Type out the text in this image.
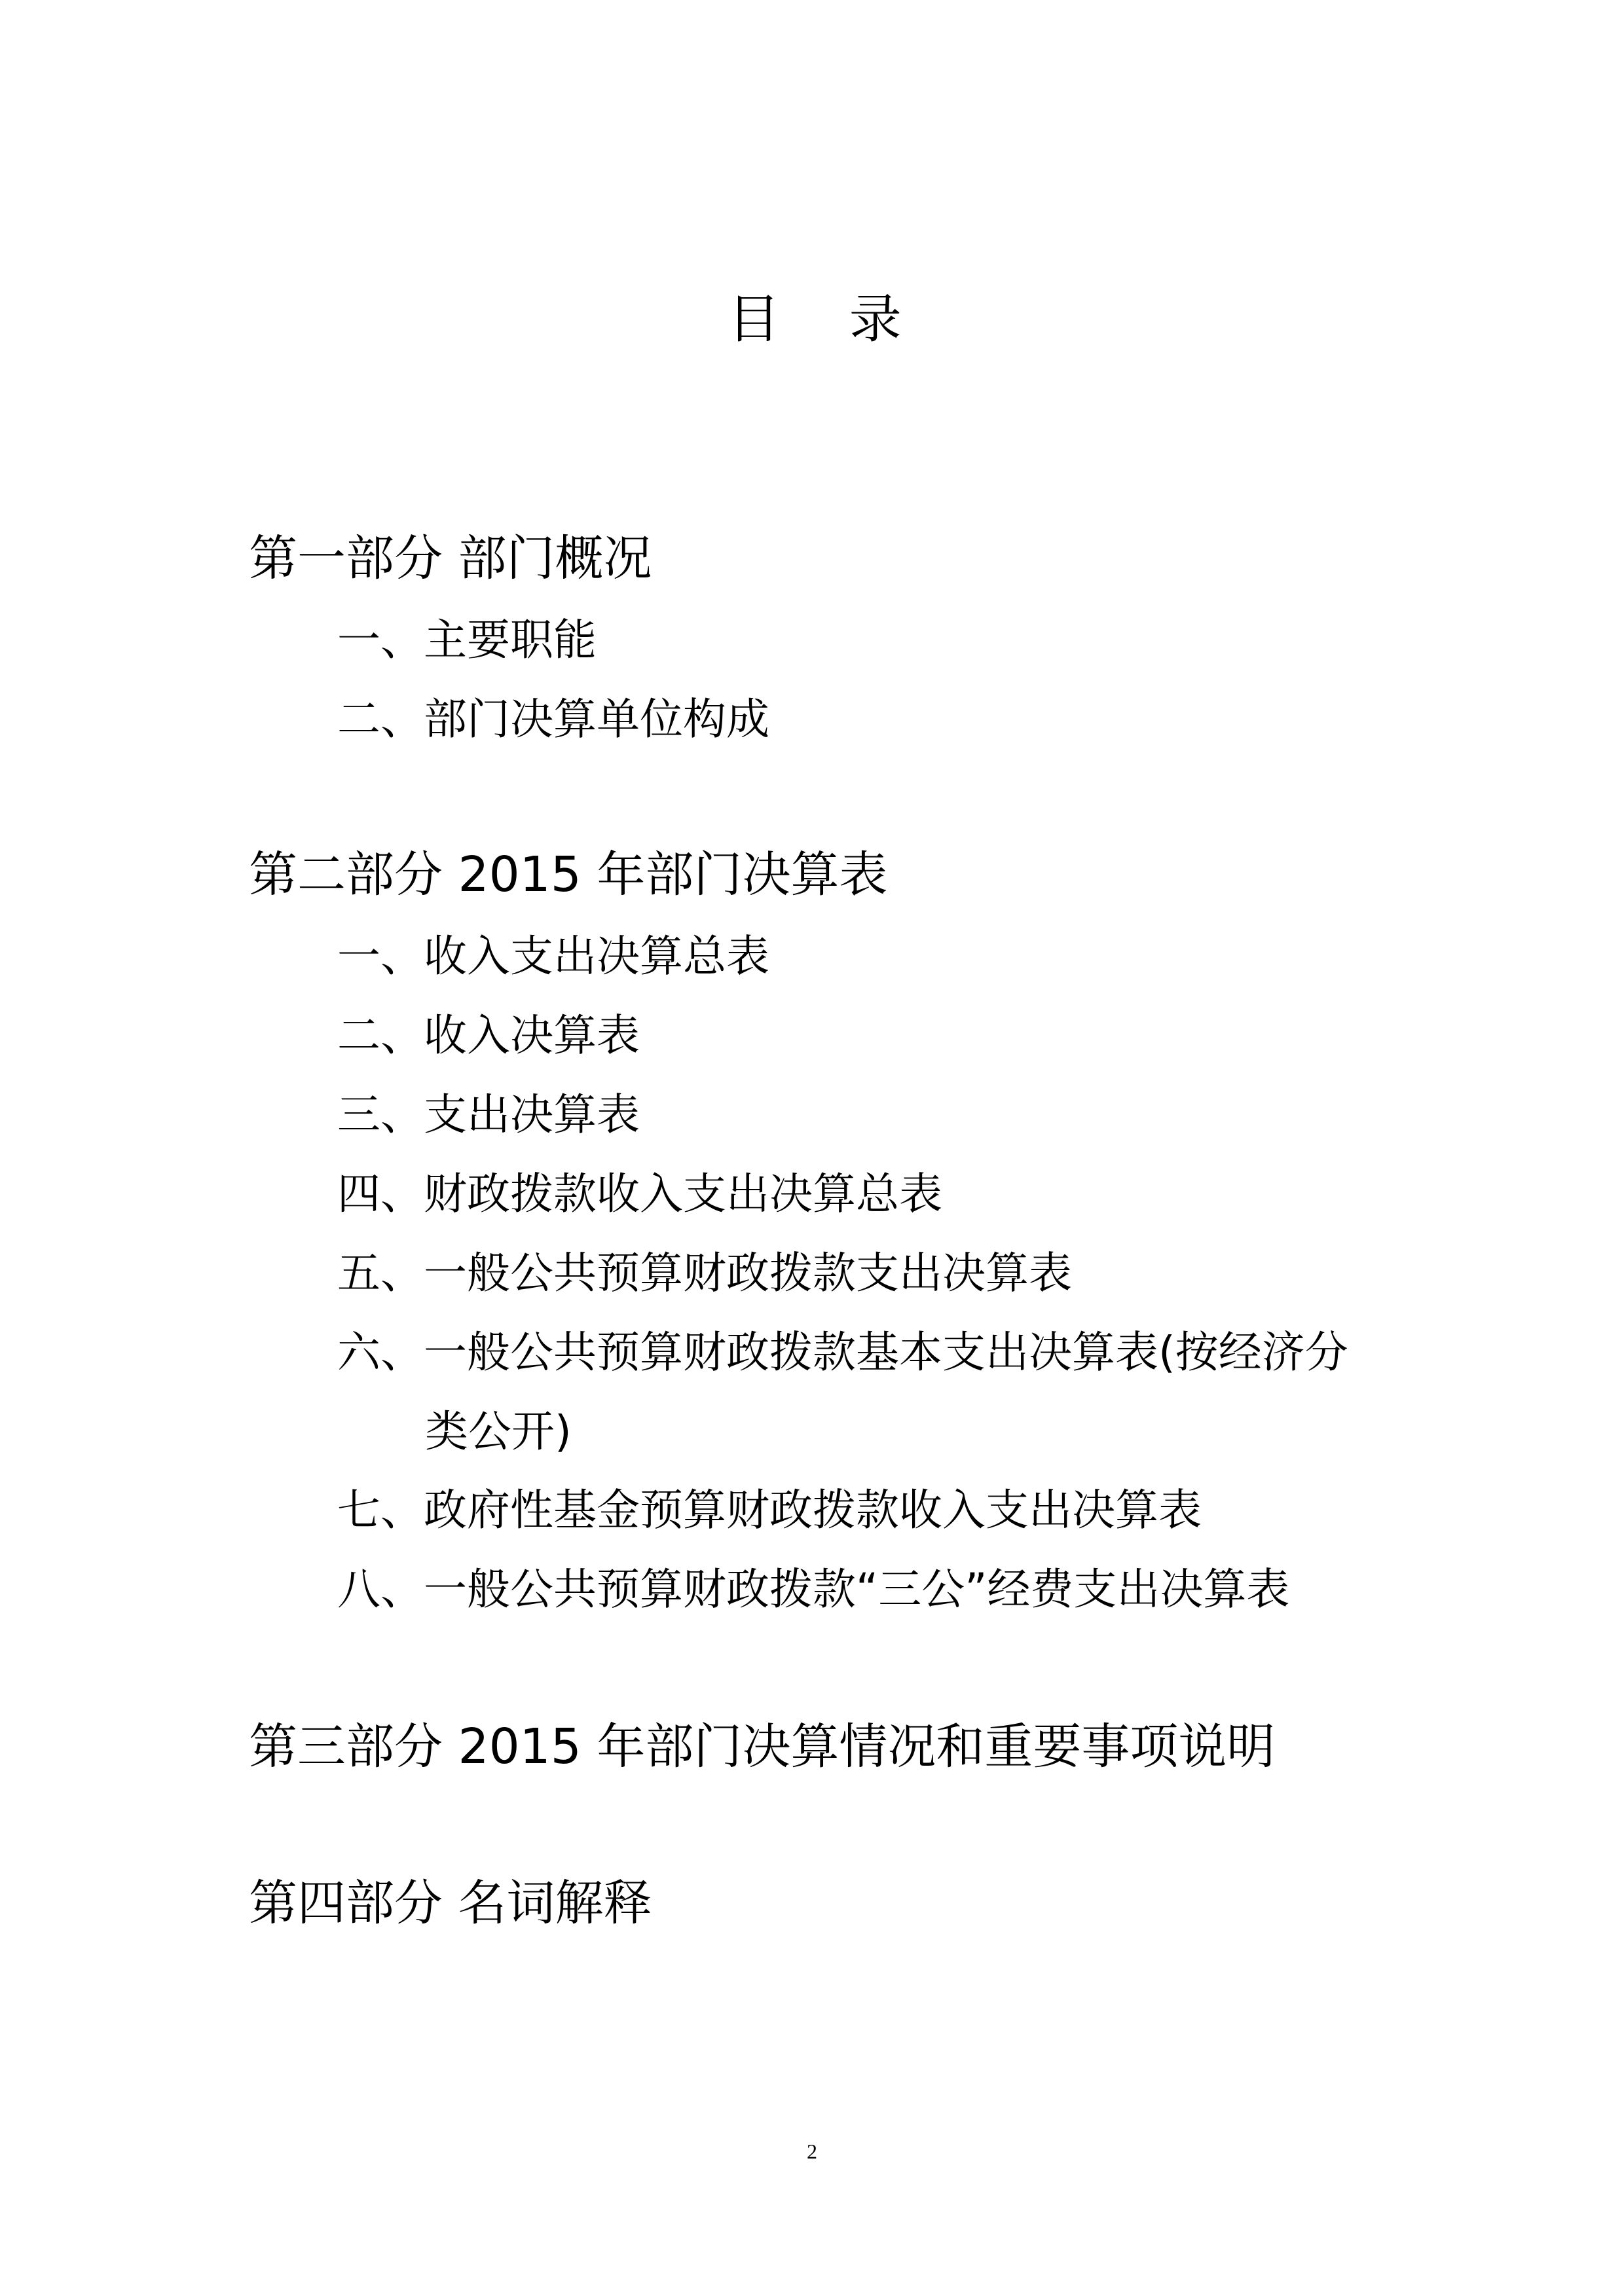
目 录
第一部分 部门概况
一、主要职能
二、部门决算单位构成
第二部分 2015 年部门决算表
一、收入支出决算总表
二、收入决算表
三、支出决算表
四、财政拨款收入支出决算总表
五、一般公共预算财政拨款支出决算表
六、一般公共预算财政拨款基本支出决算表(按经济分
类公开)
七、政府性基金预算财政拨款收入支出决算表
八、一般公共预算财政拨款“三公”经费支出决算表
第三部分 2015 年部门决算情况和重要事项说明
第四部分 名词解释
2
